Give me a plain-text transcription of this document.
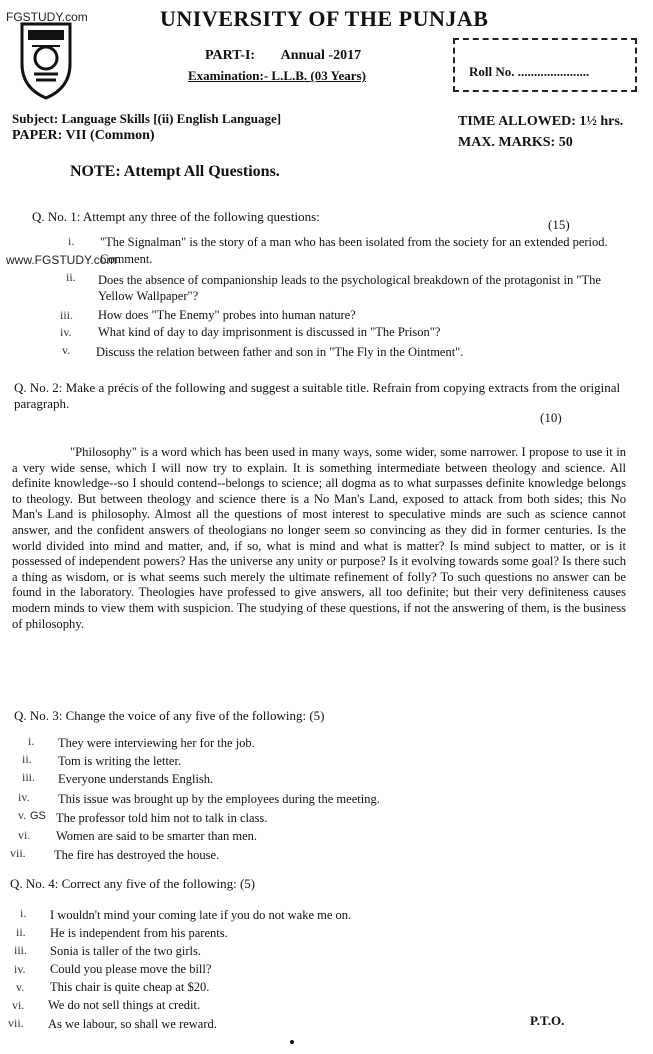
FGSTUDY.com
www.FGSTUDY.com
UNIVERSITY OF THE PUNJAB
PART-I: Annual -2017
Examination:- L.L.B. (03 Years)	Roll No. ......................
Subject: Language Skills [(ii) English Language]
PAPER: VII (Common)
TIME ALLOWED: 1½ hrs.
MAX. MARKS: 50
NOTE: Attempt All Questions.
Q. No. 1: Attempt any three of the following questions:
(15)
i. "The Signalman" is the story of a man who has been isolated from the society for an extended period. Comment.
ii. Does the absence of companionship leads to the psychological breakdown of the protagonist in "The Yellow Wallpaper"?
iii. How does "The Enemy" probes into human nature?
iv. What kind of day to day imprisonment is discussed in "The Prison"?
v. Discuss the relation between father and son in "The Fly in the Ointment".
Q. No. 2: Make a précis of the following and suggest a suitable title. Refrain from copying extracts from the original paragraph.
(10)
"Philosophy" is a word which has been used in many ways, some wider, some narrower. I propose to use it in a very wide sense, which I will now try to explain. It is something intermediate between theology and science. All definite knowledge--so I should contend--belongs to science; all dogma as to what surpasses definite knowledge belongs to theology. But between theology and science there is a No Man's Land, exposed to attack from both sides; this No Man's Land is philosophy. Almost all the questions of most interest to speculative minds are such as science cannot answer, and the confident answers of theologians no longer seem so convincing as they did in former centuries. Is the world divided into mind and matter, and, if so, what is mind and what is matter? Is mind subject to matter, or is it possessed of independent powers? Has the universe any unity or purpose? Is it evolving towards some goal? Is there such a thing as wisdom, or is what seems such merely the ultimate refinement of folly? To such questions no answer can be found in the laboratory. Theologies have professed to give answers, all too definite; but their very definiteness causes modern minds to view them with suspicion. The studying of these questions, if not the answering of them, is the business of philosophy.
Q. No. 3: Change the voice of any five of the following: (5)
i. They were interviewing her for the job.
ii. Tom is writing the letter.
iii. Everyone understands English.
iv. This issue was brought up by the employees during the meeting.
v. GS The professor told him not to talk in class.
vi. Women are said to be smarter than men.
vii. The fire has destroyed the house.
Q. No. 4: Correct any five of the following: (5)
i. I wouldn't mind your coming late if you do not wake me on.
ii. He is independent from his parents.
iii. Sonia is taller of the two girls.
iv. Could you please move the bill?
v. This chair is quite cheap at $20.
vi. We do not sell things at credit.
vii. As we labour, so shall we reward.	P.T.O.
